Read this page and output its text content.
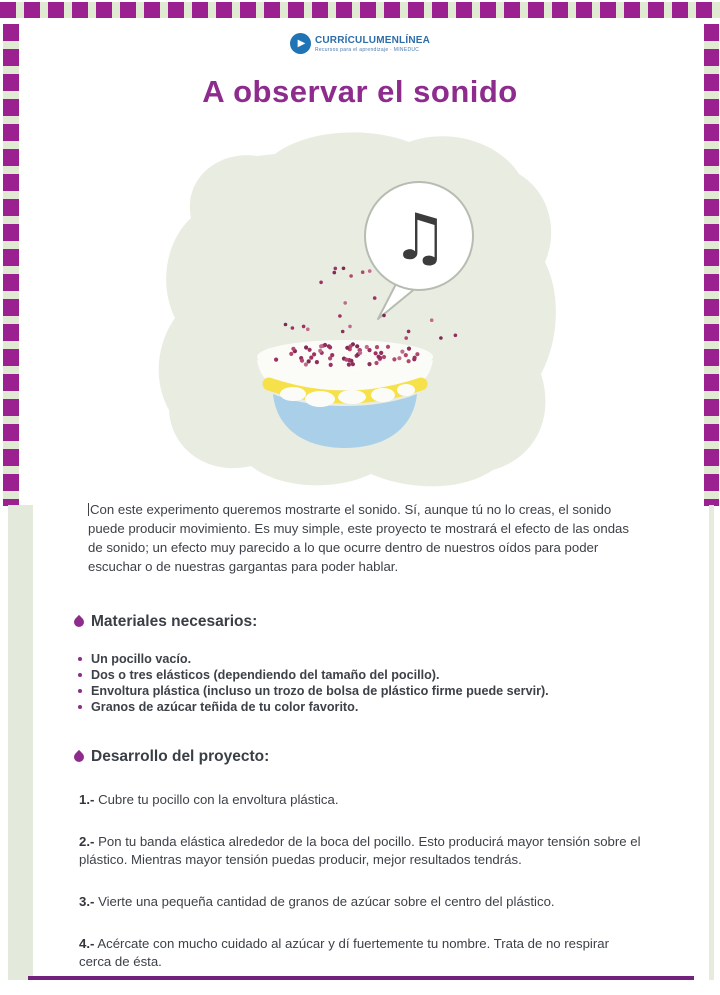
▶ CURRÍCULUMENLÍNEA
Recursos para el aprendizaje · MINEDUC
A observar el sonido
♫

Con este experimento queremos mostrarte el sonido. Sí, aunque tú no lo creas, el sonido puede producir movimiento. Es muy simple, este proyecto te mostrará el efecto de las ondas de sonido; un efecto muy parecido a lo que ocurre dentro de nuestros oídos para poder escuchar o de nuestras gargantas para poder hablar.

Materiales necesarios:
Un pocillo vacío.
Dos o tres elásticos (dependiendo del tamaño del pocillo).
Envoltura plástica (incluso un trozo de bolsa de plástico firme puede servir).
Granos de azúcar teñida de tu color favorito.
Desarrollo del proyecto:

1.- Cubre tu pocillo con la envoltura plástica.

2.- Pon tu banda elástica alrededor de la boca del pocillo. Esto producirá mayor tensión sobre el plástico. Mientras mayor tensión puedas producir, mejor resultados tendrás.

3.- Vierte una pequeña cantidad de granos de azúcar sobre el centro del plástico.

4.- Acércate con mucho cuidado al azúcar y dí fuertemente tu nombre. Trata de no respirar cerca de ésta.
